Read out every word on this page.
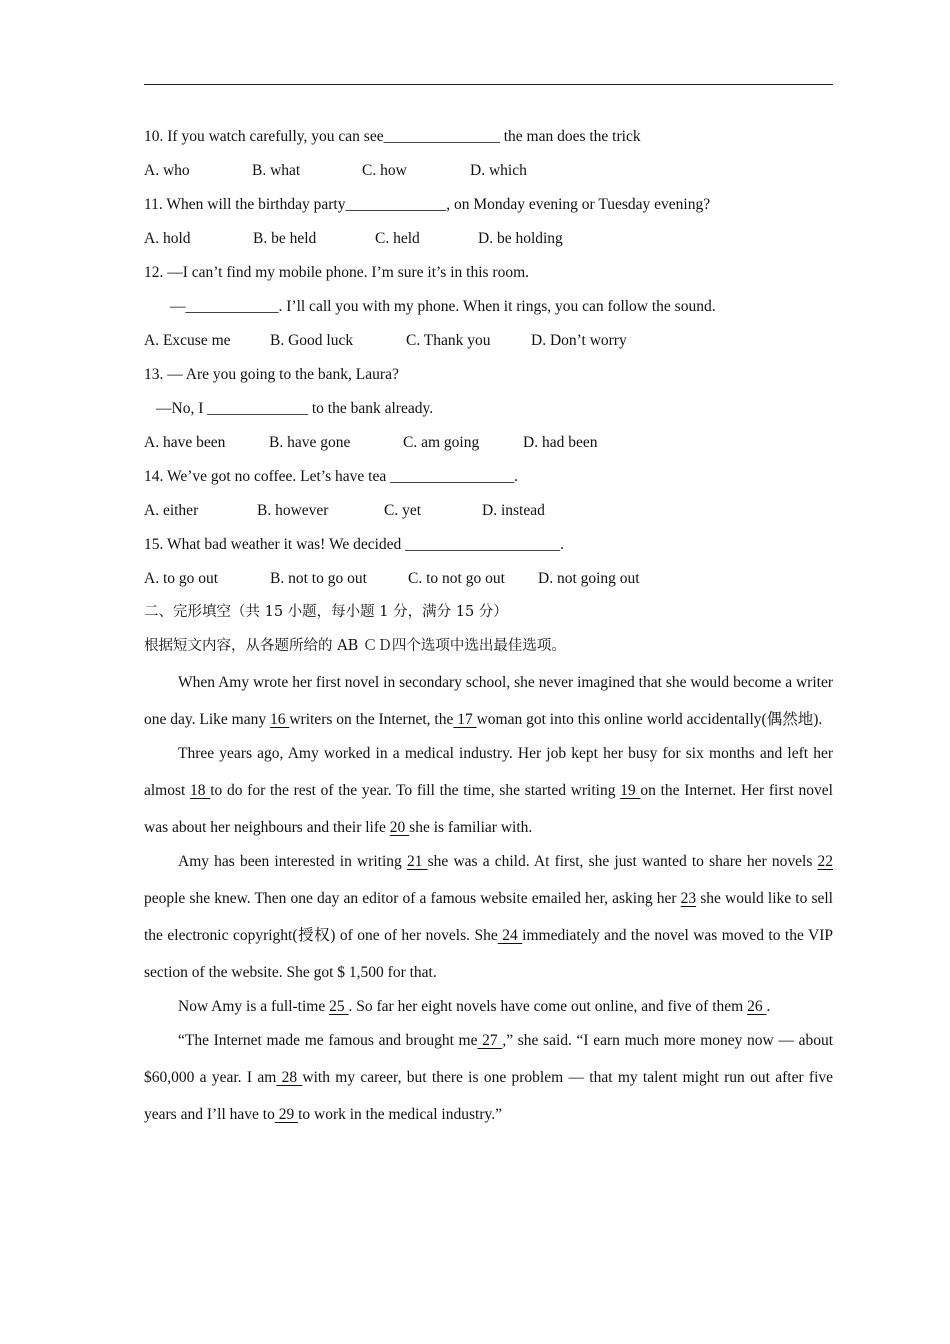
10. If you watch carefully, you can see_______________ the man does the trick
A. who	B. what	C. how	D. which
11. When will the birthday party_____________, on Monday evening or Tuesday evening?
A. hold	B. be held	C. held	D. be holding
12. —I can’t find my mobile phone. I’m sure it’s in this room.
—____________. I’ll call you with my phone. When it rings, you can follow the sound.
A. Excuse me	B. Good luck	C. Thank you	D. Don’t worry
13. — Are you going to the bank, Laura?
—No, I _____________ to the bank already.
A. have been	B. have gone	C. am going	D. had been
14. We’ve got no coffee. Let’s have tea ________________.
A. either	B. however	C. yet	D. instead
15. What bad weather it was! We decided ____________________.
A. to go out	B. not to go out	C. to not go out D. not going out
二、完形填空（共 15 小题，每小题 1 分，满分 15 分）
根据短文内容，从各题所给的 AB ＣＤ四个选项中选出最佳选项。

When Amy wrote her first novel in secondary school, she never imagined that she would become a writer one day. Like many 16 writers on the Internet, the 17 woman got into this online world accidentally(偶然地).

Three years ago, Amy worked in a medical industry. Her job kept her busy for six months and left her almost 18 to do for the rest of the year. To fill the time, she started writing 19 on the Internet. Her first novel was about her neighbours and their life 20 she is familiar with.

Amy has been interested in writing 21 she was a child. At first, she just wanted to share her novels 22 people she knew. Then one day an editor of a famous website emailed her, asking her 23 she would like to sell the electronic copyright(授权) of one of her novels. She 24 immediately and the novel was moved to the VIP section of the website. She got $ 1,500 for that.

Now Amy is a full-time 25 . So far her eight novels have come out online, and five of them 26 .

“The Internet made me famous and brought me 27 ,” she said. “I earn much more money now — about $60,000 a year. I am 28 with my career, but there is one problem — that my talent might run out after five years and I’ll have to 29 to work in the medical industry.”
